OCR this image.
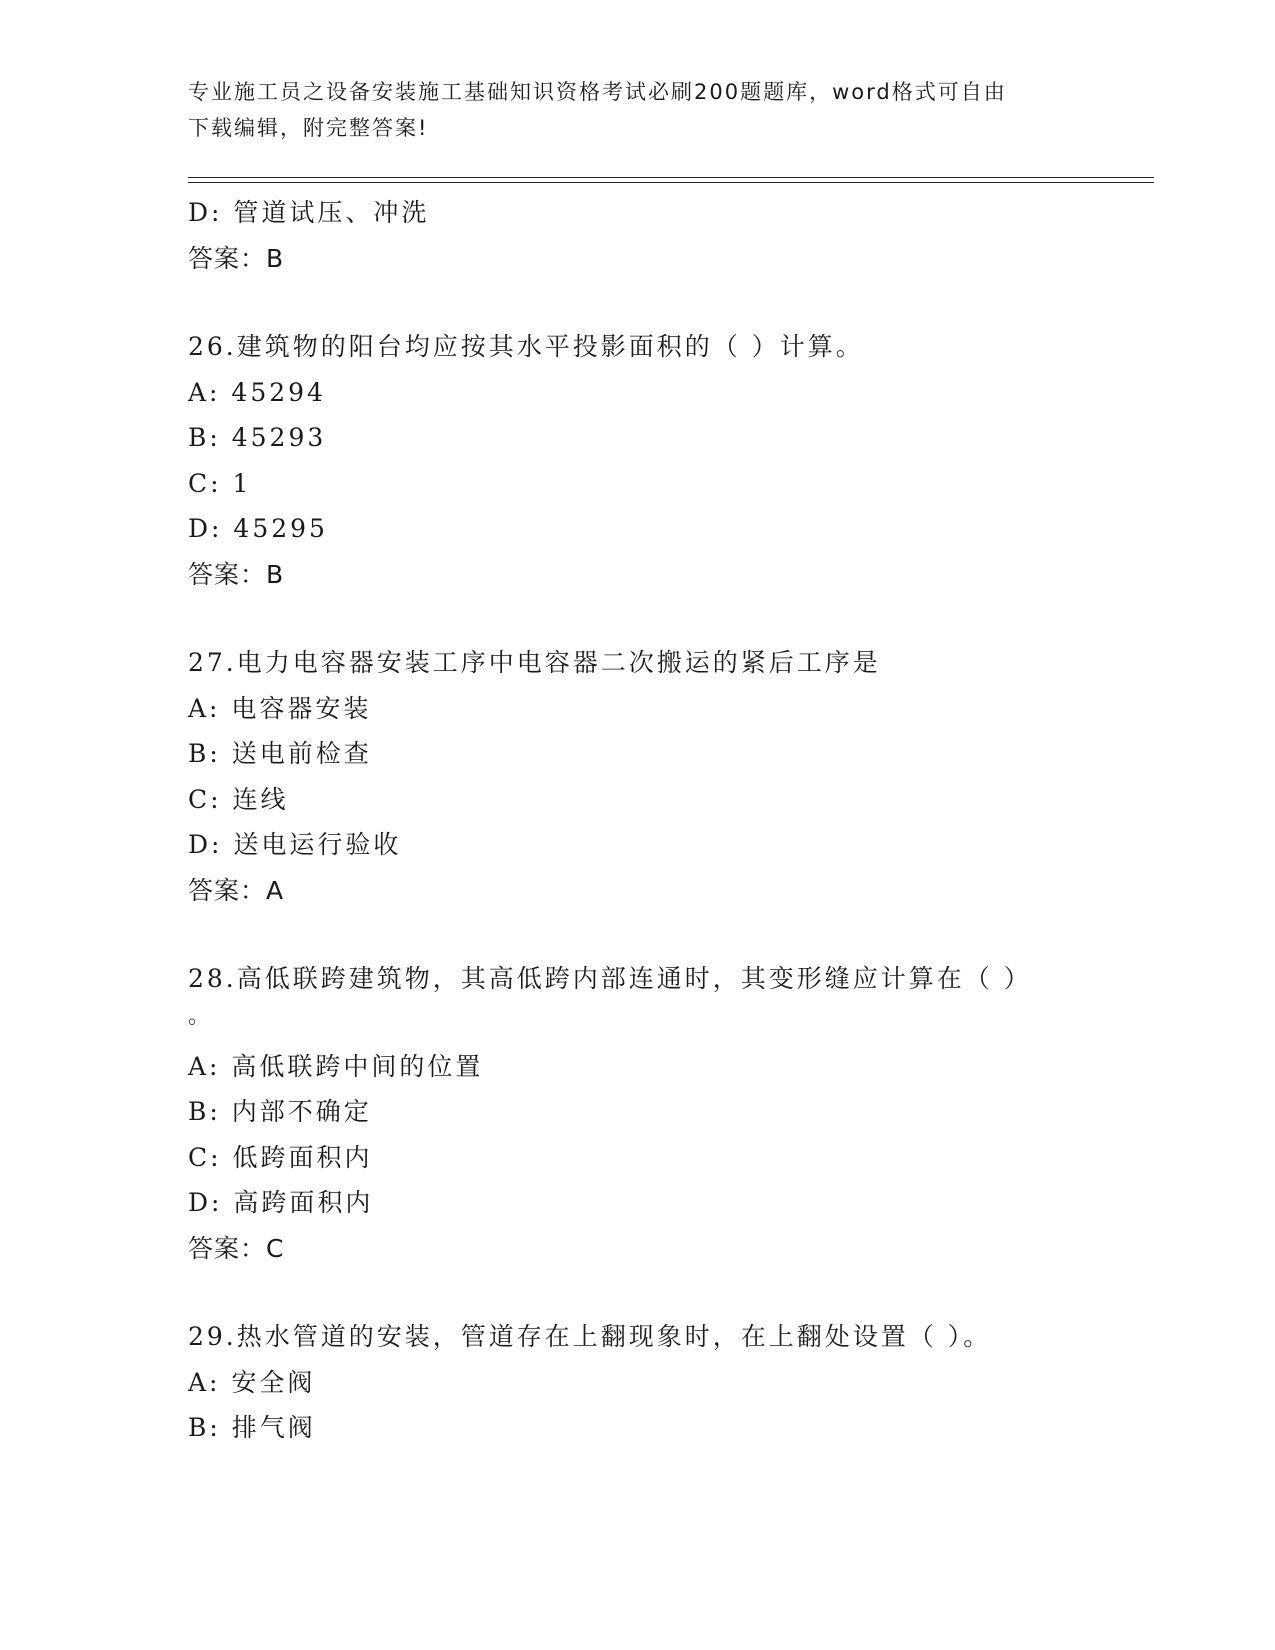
专业施工员之设备安装施工基础知识资格考试必刷200题题库，word格式可自由
下载编辑，附完整答案!
D: 管道试压、冲洗
答案：B
26.建筑物的阳台均应按其水平投影面积的（ ）计算。
A: 45294
B: 45293
C: 1
D: 45295
答案：B
27.电力电容器安装工序中电容器二次搬运的紧后工序是
A: 电容器安装
B: 送电前检查
C: 连线
D: 送电运行验收
答案：A
28.高低联跨建筑物，其高低跨内部连通时，其变形缝应计算在（ ）
。
A: 高低联跨中间的位置
B: 内部不确定
C: 低跨面积内
D: 高跨面积内
答案：C
29.热水管道的安装，管道存在上翻现象时，在上翻处设置（ ）。
A: 安全阀
B: 排气阀
